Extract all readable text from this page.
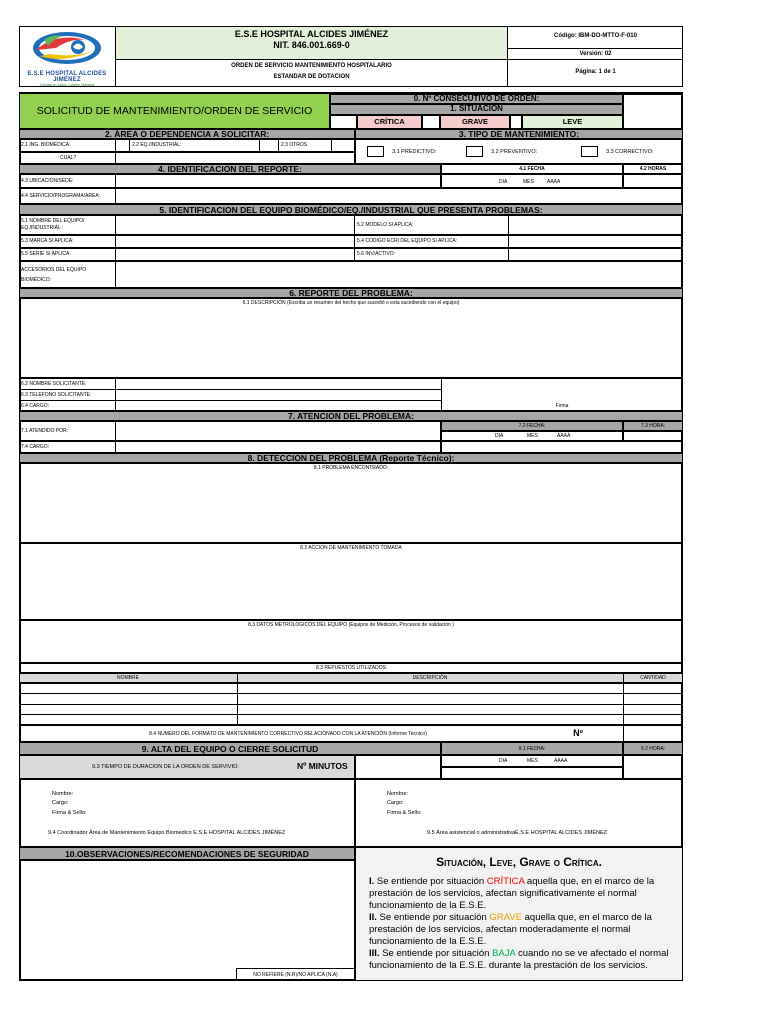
E.S.E HOSPITAL ALCIDES JIMÉNEZ
Calidad en Salud, Calidez Humana
E.S.E HOSPITAL ALCIDES JIMÉNEZ
NIT. 846.001.669-0
ORDEN DE SERVICIO MANTENIMIENTO HOSPITALARIO
ESTANDAR DE DOTACION
Código: IBM-DO-MTTO-F-010
Versión: 02
Página: 1 de 1
SOLICITUD DE MANTENIMIENTO/ORDEN DE SERVICIO
0. Nº CONSECUTIVO DE ORDEN:
1. SITUACIÓN
CRÍTICA	GRAVE	LEVE
2. ÁREA O DEPENDENCIA A SOLICITAR:	3. TIPO DE MANTENIMIENTO:
2.1 ING. BIOMEDICA:	2.2 EQ./INDUSTRIAL:	2.3 OTROS
CUAL?
3.1 PREDICTIVO:	3.2 PREVENTIVO:	3.3 CORRECTIVO:
4. IDENTIFICACION DEL REPORTE:	4.1 FECHA	4.2 HORAS
4.3 UBICACIÓN/SEDE:	DIA	MES	AAAA
4.4 SERVICIO/PROGRAMA/AREA:
5. IDENTIFICACION DEL EQUIPO BIOMÉDICO/EQ./INDUSTRIAL QUE PRESENTA PROBLEMAS:
5.1 NOMBRE DEL EQUIPO/
EQ./INDUSTRIAL :	5.2 MODELO SI APLICA:
5.3 MARCA SI APLICA:	5.4 CODIGO ECRI DEL EQUIPO SI APLICA:
5.5 SERIE SI APLICA:	5.6 INV/ACTIVO:
ACCESORIOS DEL EQUIPO
BIOMÉDICO:
6. REPORTE DEL PROBLEMA:
6.1 DESCRIPCIÓN (Escriba un resumen del hecho que sucedió o esta sucediendo con el equipo)
6.2 NOMBRE SOLICITANTE:
6.3 TELEFONO SOLICITANTE:
6.4 CARGO:	Firma
7. ATENCION DEL PROBLEMA:
7.1 ATENDIDO POR:
7.2 FECHA:
DIA	MES	AAAA
7.3 HORA:
7.4 CARGO:
8. DETECCION DEL PROBLEMA (Reporte Técnico):
8.1 PROBLEMA ENCONTRADO:
8.2 ACCION DE MANTENIMIENTO TOMADA
8.3 DATOS METROLOGICOS DEL EQUIPO (Equipos de Medición, Procesos de validación )
8.3 REPUESTOS UTILIZADOS
NOMBRE	DESCRIPCIÓN	CANTIDAD
8.4 NUMERO DEL FORMATO DE MANTENIMIENTO CORRECTIVO RELACIONADO CON LA ATENCIÓN (Informe Tecnico)	Nº
9. ALTA DEL EQUIPO O CIERRE SOLICITUD	9.1 FECHA:	9.2 HORA:
9.3 TIEMPO DE DURACION DE LA ORDEN DE SERVIVIO:	Nº MINUTOS	DIA	MES	AAAA
Nombre:
Cargo:
Firma & Sello:
9.4 Coordinador Área de Mantenimiento Equipo Biomedico E.S.E HOSPITAL ALCIDES JIMÉNEZ
Nombre:
Cargo:
Firma & Sello:
9.5 Área asistencial o administrativaE.S.E HOSPITAL ALCIDES JIMÉNEZ
10.OBSERVACIONES/RECOMENDACIONES DE SEGURIDAD
NO REFIERE (N.R)/NO APLICA (N.A)
Situación, Leve, Grave o Crítica.
I. Se entiende por situación CRÍTICA aquella que, en el marco de la prestación de los servicios, afectan significativamente el normal funcionamiento de la E.S.E.
II. Se entiende por situación GRAVE aquella que, en el marco de la prestación de los servicios, afectan moderadamente el normal funcionamiento de la E.S.E.
III. Se entiende por situación BAJA cuando no se ve afectado el normal funcionamiento de la E.S.E. durante la prestación de los servicios.
